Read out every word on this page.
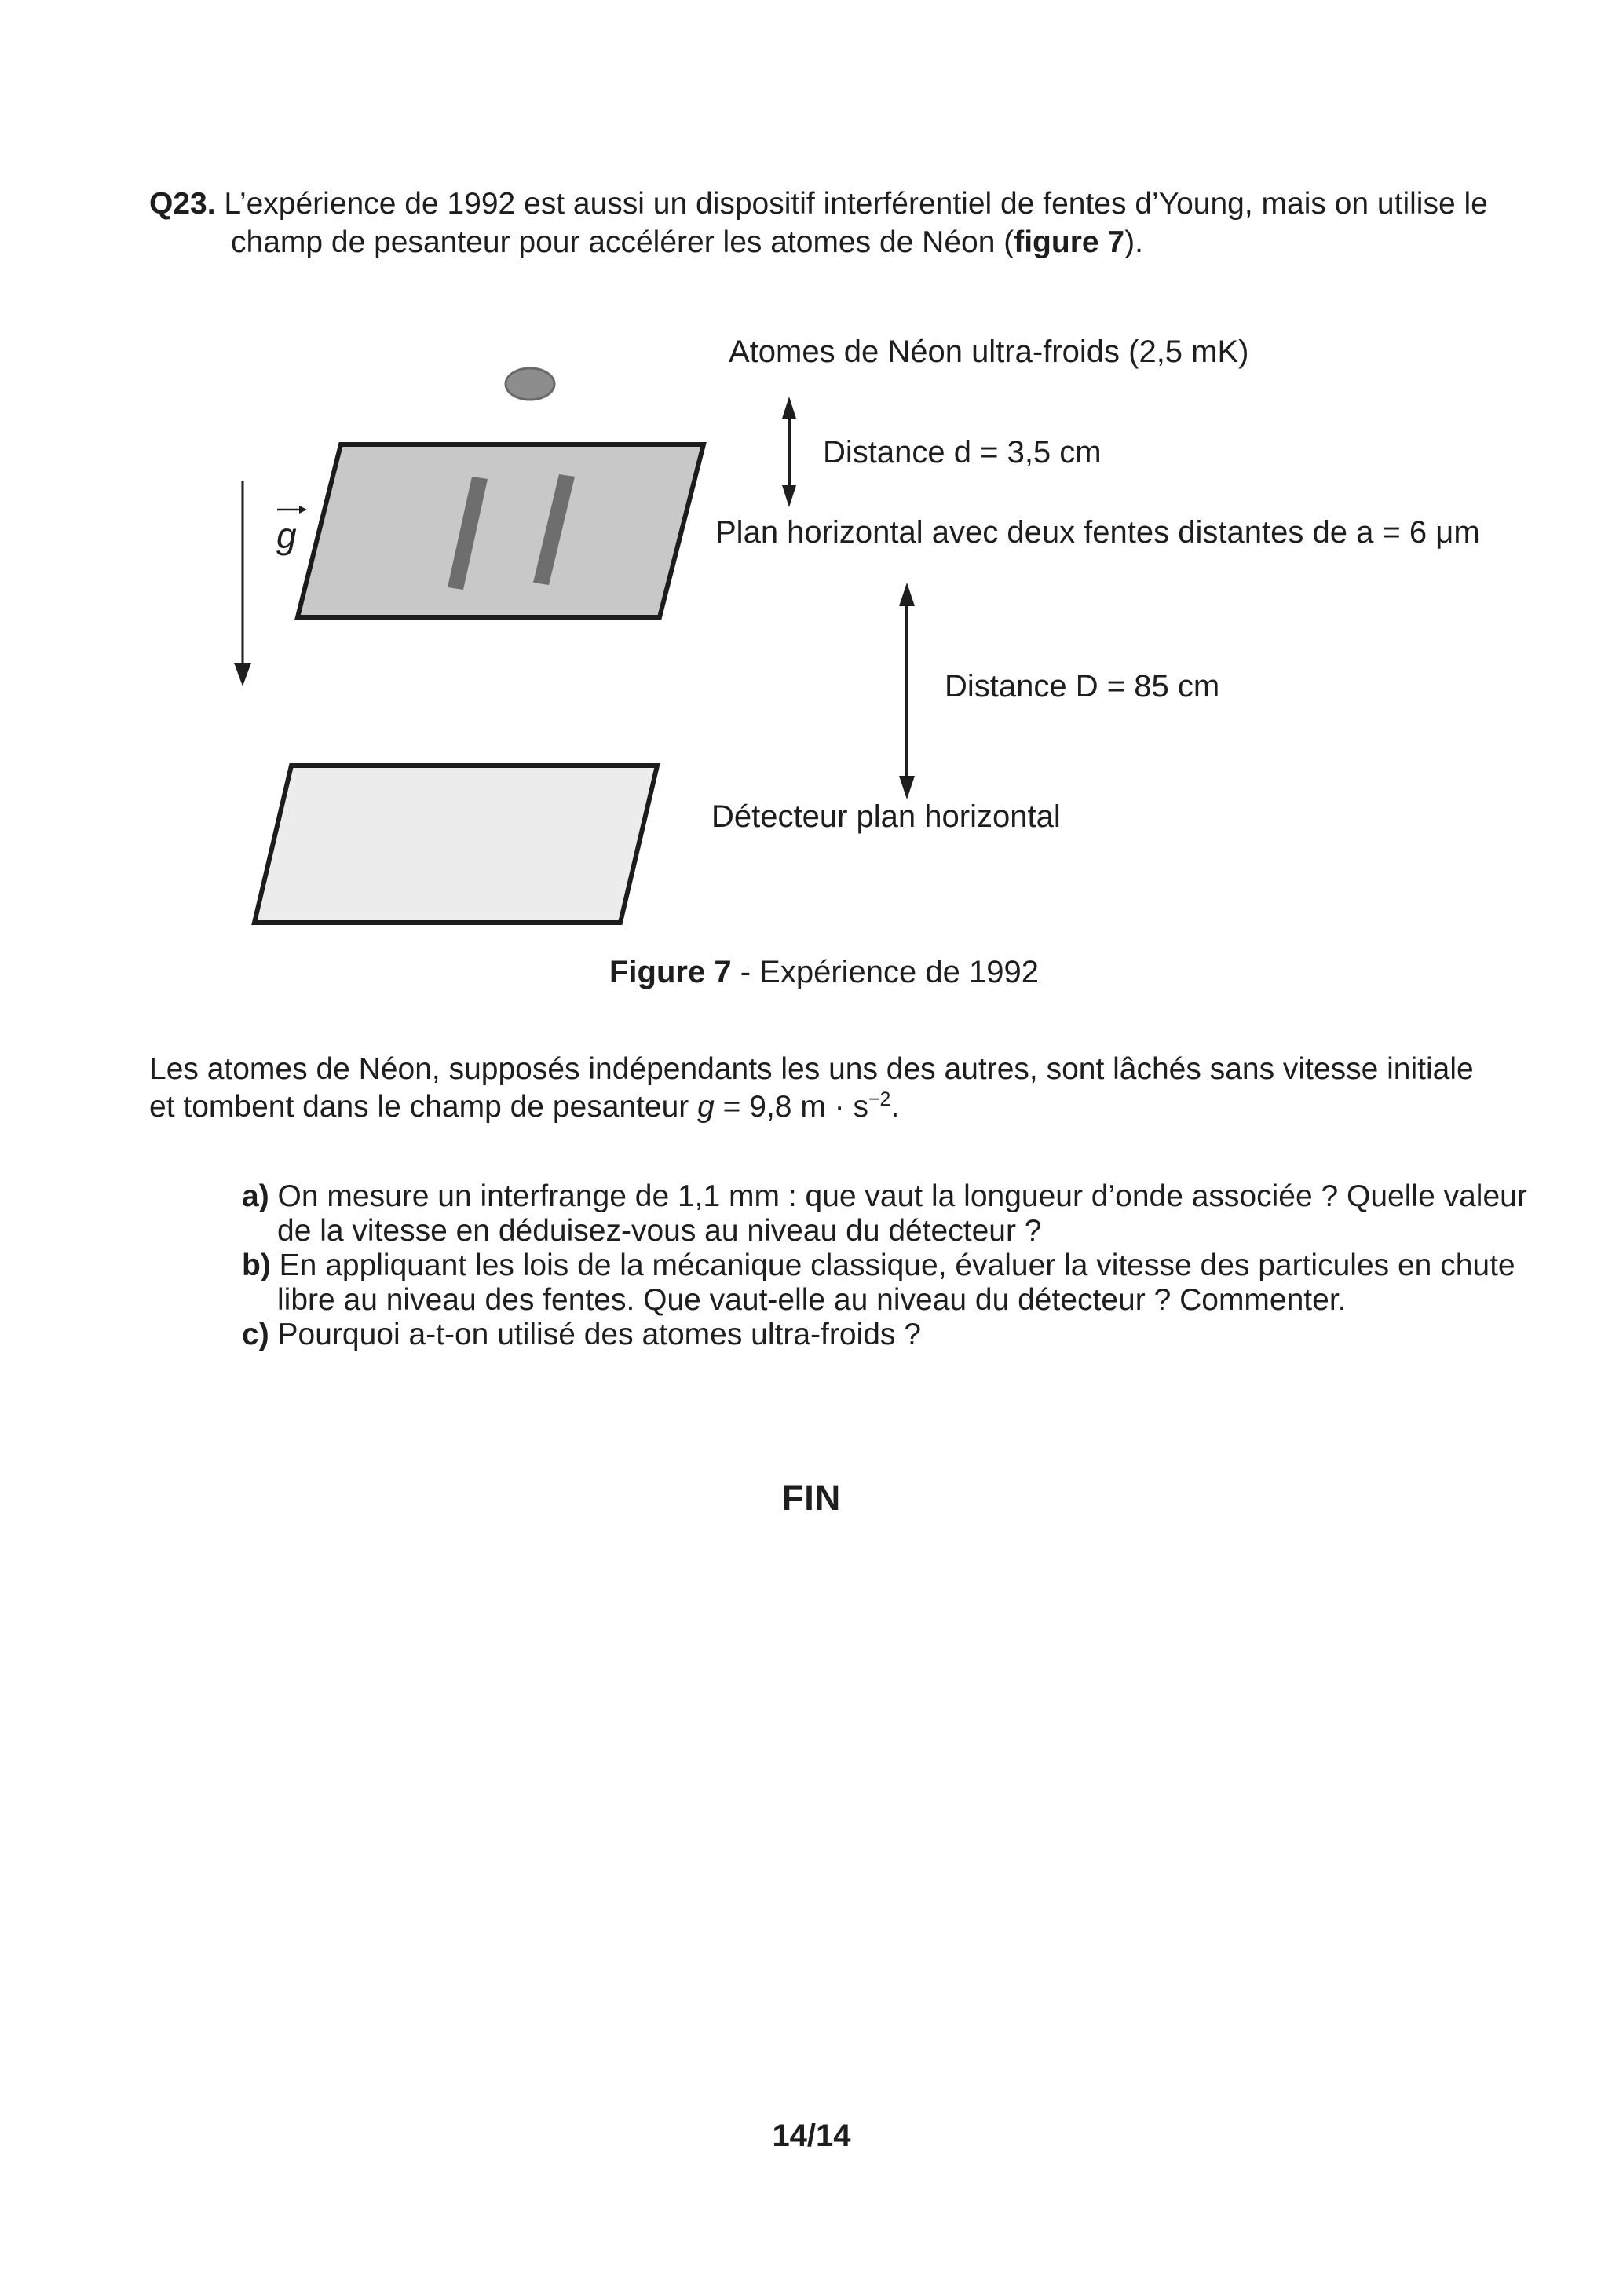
Q23. L’expérience de 1992 est aussi un dispositif interférentiel de fentes d’Young, mais on utilise le
champ de pesanteur pour accélérer les atomes de Néon (figure 7).
Atomes de Néon ultra-froids (2,5 mK)
Distance d = 3,5 cm
Plan horizontal avec deux fentes distantes de a = 6 μm
Distance D = 85 cm
Détecteur plan horizontal
g
Figure 7 - Expérience de 1992
Les atomes de Néon, supposés indépendants les uns des autres, sont lâchés sans vitesse initiale
et tombent dans le champ de pesanteur g = 9,8 $m \cdot s^{-2}$.
a) On mesure un interfrange de 1,1 mm : que vaut la longueur d’onde associée ? Quelle valeur
de la vitesse en déduisez-vous au niveau du détecteur ?
b) En appliquant les lois de la mécanique classique, évaluer la vitesse des particules en chute
libre au niveau des fentes. Que vaut-elle au niveau du détecteur ? Commenter.
c) Pourquoi a-t-on utilisé des atomes ultra-froids ?
FIN
14/14
